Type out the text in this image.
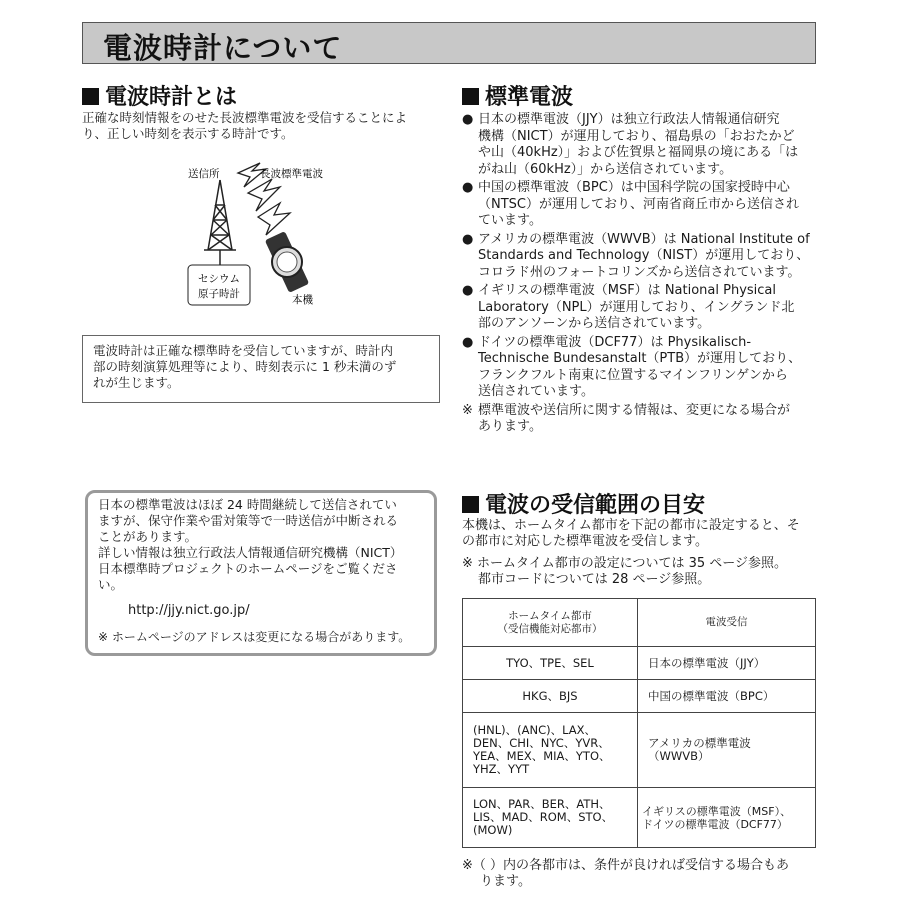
電波時計について
電波時計とは
正確な時刻情報をのせた長波標準電波を受信することによ
り、正しい時刻を表示する時計です。
送信所	長波標準電波
セシウム
原子時計	本機
電波時計は正確な標準時を受信していますが、時計内
部の時刻演算処理等により、時刻表示に 1 秒未満のず
れが生じます。
日本の標準電波はほぼ 24 時間継続して送信されてい
ますが、保守作業や雷対策等で一時送信が中断される
ことがあります。
詳しい情報は独立行政法人情報通信研究機構（NICT）
日本標準時プロジェクトのホームページをご覧くださ
い。
http://jjy.nict.go.jp/
※ ホームページのアドレスは変更になる場合があります。
標準電波
● 日本の標準電波（JJY）は独立行政法人情報通信研究
機構（NICT）が運用しており、福島県の「おおたかど
や山（40kHz）」および佐賀県と福岡県の境にある「は
がね山（60kHz）」から送信されています。
● 中国の標準電波（BPC）は中国科学院の国家授時中心
（NTSC）が運用しており、河南省商丘市から送信され
ています。
● アメリカの標準電波（WWVB）は National Institute of
Standards and Technology（NIST）が運用しており、
コロラド州のフォートコリンズから送信されています。
● イギリスの標準電波（MSF）は National Physical
Laboratory（NPL）が運用しており、イングランド北
部のアンソーンから送信されています。
● ドイツの標準電波（DCF77）は Physikalisch-
Technische Bundesanstalt（PTB）が運用しており、
フランクフルト南東に位置するマインフリンゲンから
送信されています。
※ 標準電波や送信所に関する情報は、変更になる場合が
あります。
電波の受信範囲の目安
本機は、ホームタイム都市を下記の都市に設定すると、そ
の都市に対応した標準電波を受信します。
※ ホームタイム都市の設定については 35 ページ参照。
都市コードについては 28 ページ参照。
ホームタイム都市
（受信機能対応都市）	電波受信
TYO、TPE、SEL	日本の標準電波（JJY）
HKG、BJS	中国の標準電波（BPC）
(HNL)、(ANC)、LAX、
DEN、CHI、NYC、YVR、
YEA、MEX、MIA、YTO、
YHZ、YYT	アメリカの標準電波
（WWVB）
LON、PAR、BER、ATH、
LIS、MAD、ROM、STO、
(MOW)	イギリスの標準電波（MSF）、
ドイツの標準電波（DCF77）
※（ ）内の各都市は、条件が良ければ受信する場合もあ
ります。
